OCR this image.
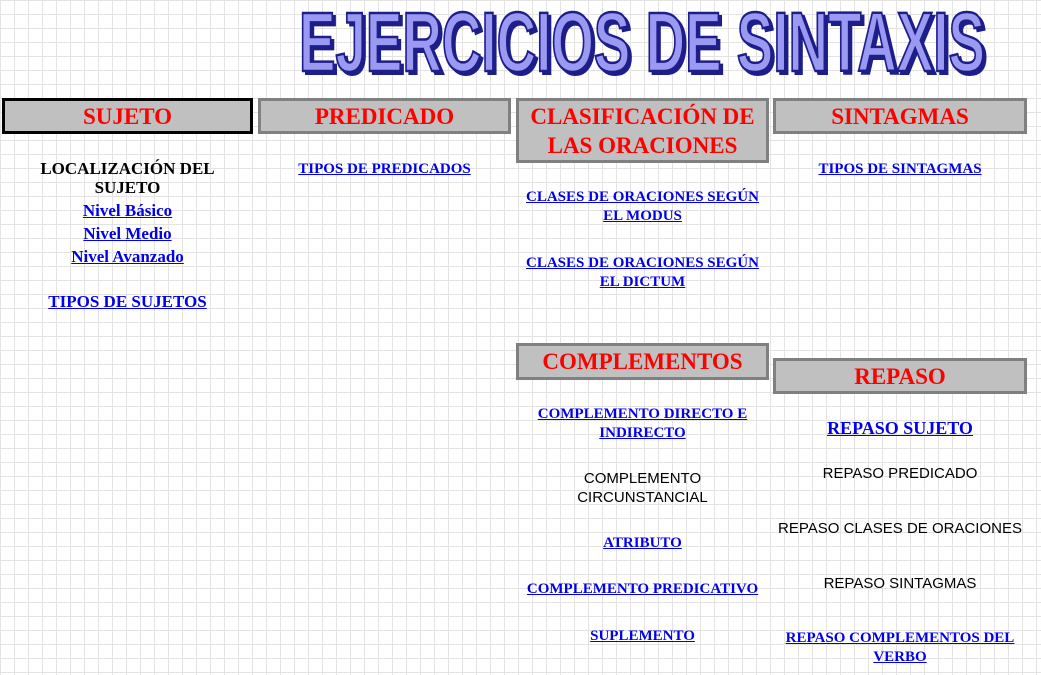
EJERCICIOS DE SINTAXIS
EJERCICIOS DE SINTAXIS
SUJETO
LOCALIZACIÓN DEL SUJETO
Nivel Básico
Nivel Medio
Nivel Avanzado
TIPOS DE SUJETOS
PREDICADO
TIPOS DE PREDICADOS
CLASIFICACIÓN DE LAS ORACIONES
CLASES DE ORACIONES SEGÚN EL MODUS
CLASES DE ORACIONES SEGÚN EL DICTUM
COMPLEMENTOS
COMPLEMENTO DIRECTO E INDIRECTO
COMPLEMENTO CIRCUNSTANCIAL
ATRIBUTO
COMPLEMENTO PREDICATIVO
SUPLEMENTO
SINTAGMAS
TIPOS DE SINTAGMAS
REPASO
REPASO SUJETO
REPASO PREDICADO
REPASO CLASES DE ORACIONES
REPASO SINTAGMAS
REPASO COMPLEMENTOS DEL VERBO
